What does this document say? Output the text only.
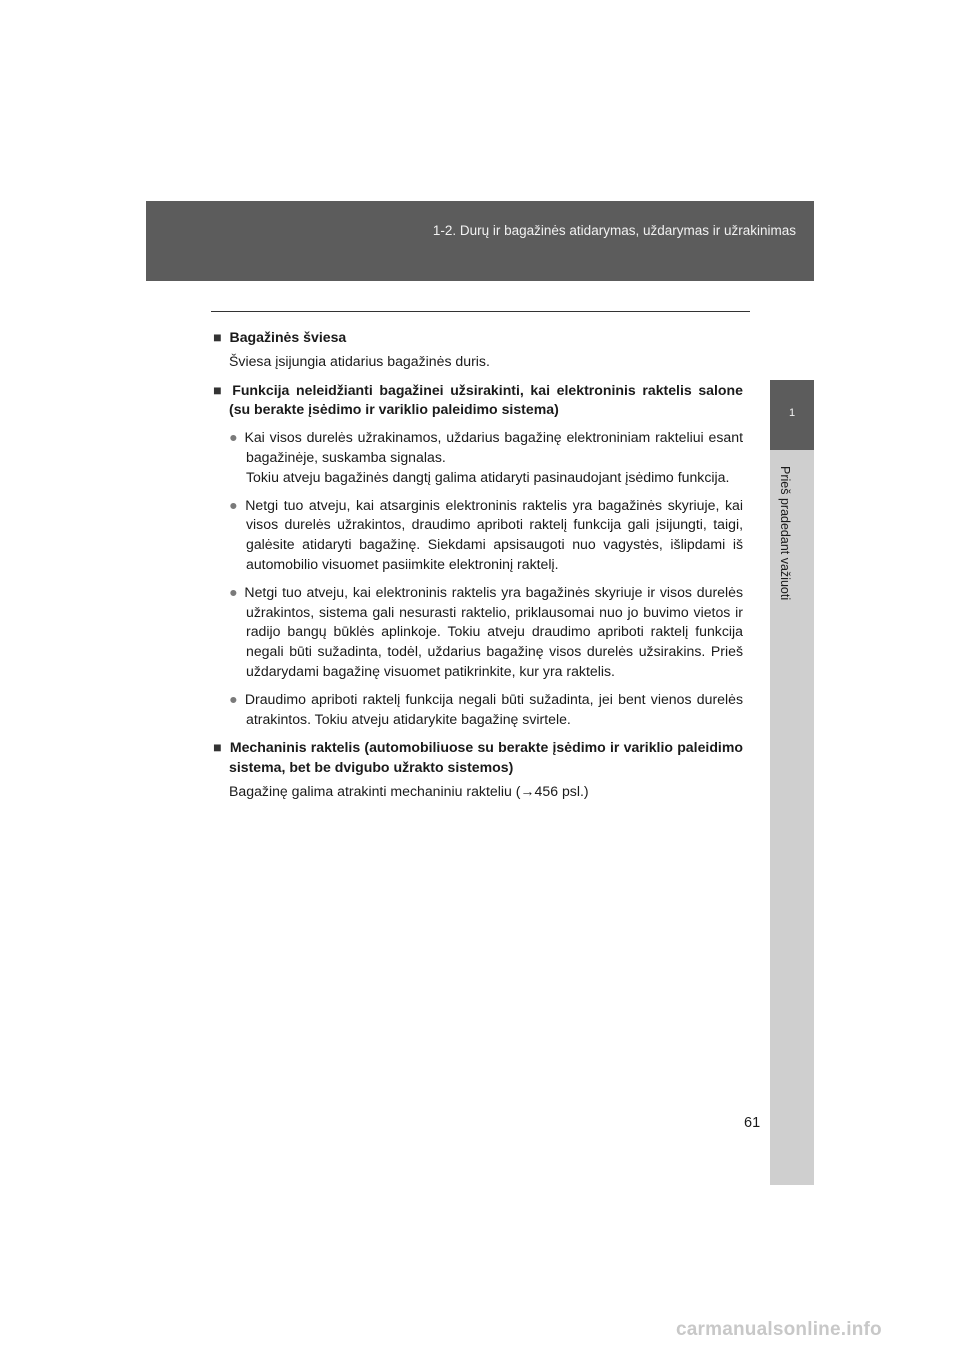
1-2. Durų ir bagažinės atidarymas, uždarymas ir užrakinimas
1
Prieš pradedant važiuoti
■ Bagažinės šviesa
Šviesa įsijungia atidarius bagažinės duris.
■ Funkcija neleidžianti bagažinei užsirakinti, kai elektroninis raktelis salone (su berakte įsėdimo ir variklio paleidimo sistema)
● Kai visos durelės užrakinamos, uždarius bagažinę elektroniniam rakteliui esant bagažinėje, suskamba signalas.
Tokiu atveju bagažinės dangtį galima atidaryti pasinaudojant įsėdimo funkcija.
● Netgi tuo atveju, kai atsarginis elektroninis raktelis yra bagažinės skyriuje, kai visos durelės užrakintos, draudimo apriboti raktelį funkcija gali įsijungti, taigi, galėsite atidaryti bagažinę. Siekdami apsisaugoti nuo vagystės, išlipdami iš automobilio visuomet pasiimkite elektroninį raktelį.
● Netgi tuo atveju, kai elektroninis raktelis yra bagažinės skyriuje ir visos durelės užrakintos, sistema gali nesurasti raktelio, priklausomai nuo jo buvimo vietos ir radijo bangų būklės aplinkoje. Tokiu atveju draudimo apriboti raktelį funkcija negali būti sužadinta, todėl, uždarius bagažinę visos durelės užsirakins. Prieš uždarydami bagažinę visuomet patikrinkite, kur yra raktelis.
● Draudimo apriboti raktelį funkcija negali būti sužadinta, jei bent vienos durelės atrakintos. Tokiu atveju atidarykite bagažinę svirtele.
■ Mechaninis raktelis (automobiliuose su berakte įsėdimo ir variklio paleidimo sistema, bet be dvigubo užrakto sistemos)
Bagažinę galima atrakinti mechaniniu rakteliu (→456 psl.)
61
carmanualsonline.info
